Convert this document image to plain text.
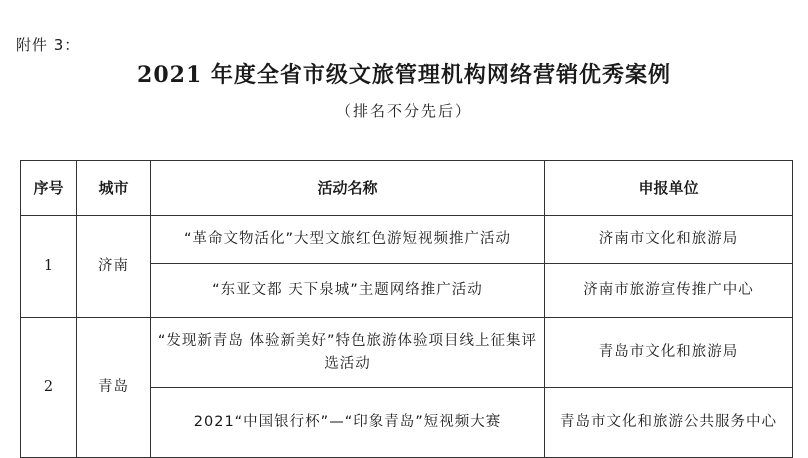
附件 3：
2021 年度全省市级文旅管理机构网络营销优秀案例
（排名不分先后）
序号	城市	活动名称	申报单位
1	济南	“革命文物活化”大型文旅红色游短视频推广活动	济南市文化和旅游局
		“东亚文都 天下泉城”主题网络推广活动	济南市旅游宣传推广中心
2	青岛	“发现新青岛 体验新美好”特色旅游体验项目线上征集评选活动	青岛市文化和旅游局
		2021“中国银行杯”—“印象青岛”短视频大赛	青岛市文化和旅游公共服务中心
